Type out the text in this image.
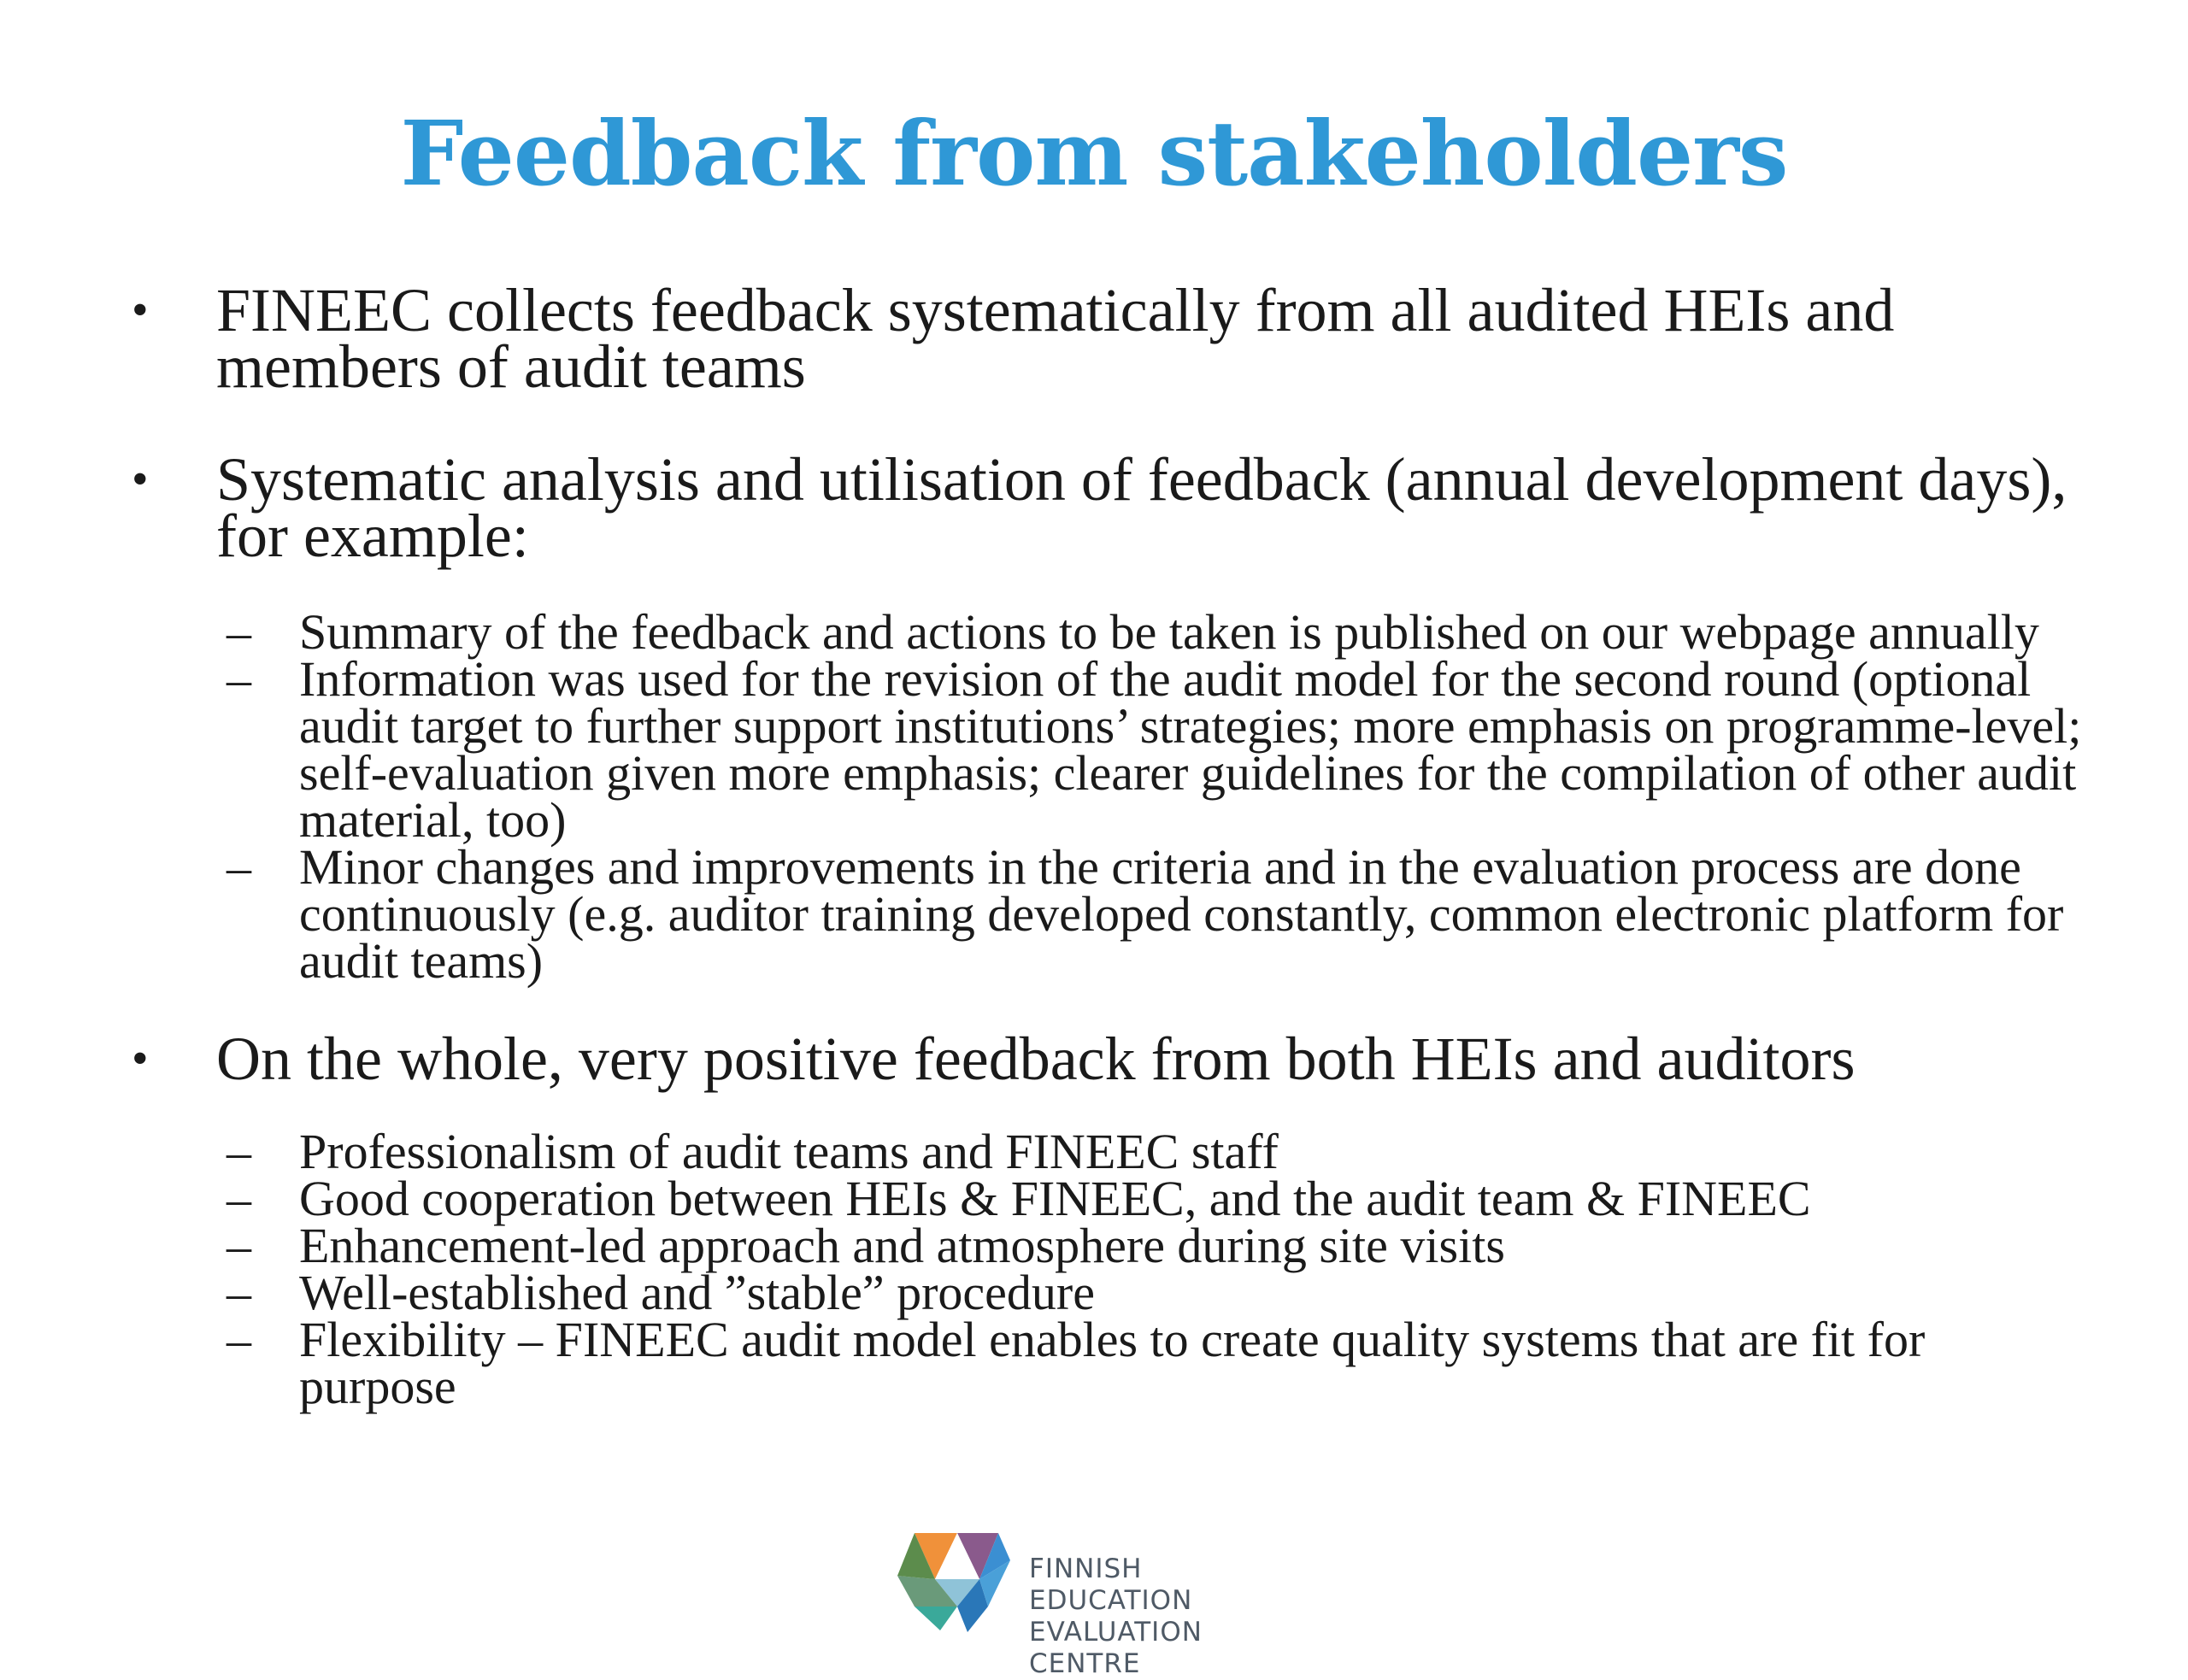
Feedback from stakeholders

• FINEEC collects feedback systematically from all audited HEIs and members of audit teams

• Systematic analysis and utilisation of feedback (annual development days), for example:

– Summary of the feedback and actions to be taken is published on our webpage annually
– Information was used for the revision of the audit model for the second round (optional audit target to further support institutions’ strategies; more emphasis on programme-level; self-evaluation given more emphasis; clearer guidelines for the compilation of other audit material, too)
– Minor changes and improvements in the criteria and in the evaluation process are done continuously (e.g. auditor training developed constantly, common electronic platform for audit teams)

• On the whole, very positive feedback from both HEIs and auditors

– Professionalism of audit teams and FINEEC staff
– Good cooperation between HEIs & FINEEC, and the audit team & FINEEC
– Enhancement-led approach and atmosphere during site visits
– Well-established and ”stable” procedure
– Flexibility – FINEEC audit model enables to create quality systems that are fit for purpose
FINNISH EDUCATION
EVALUATION CENTRE
